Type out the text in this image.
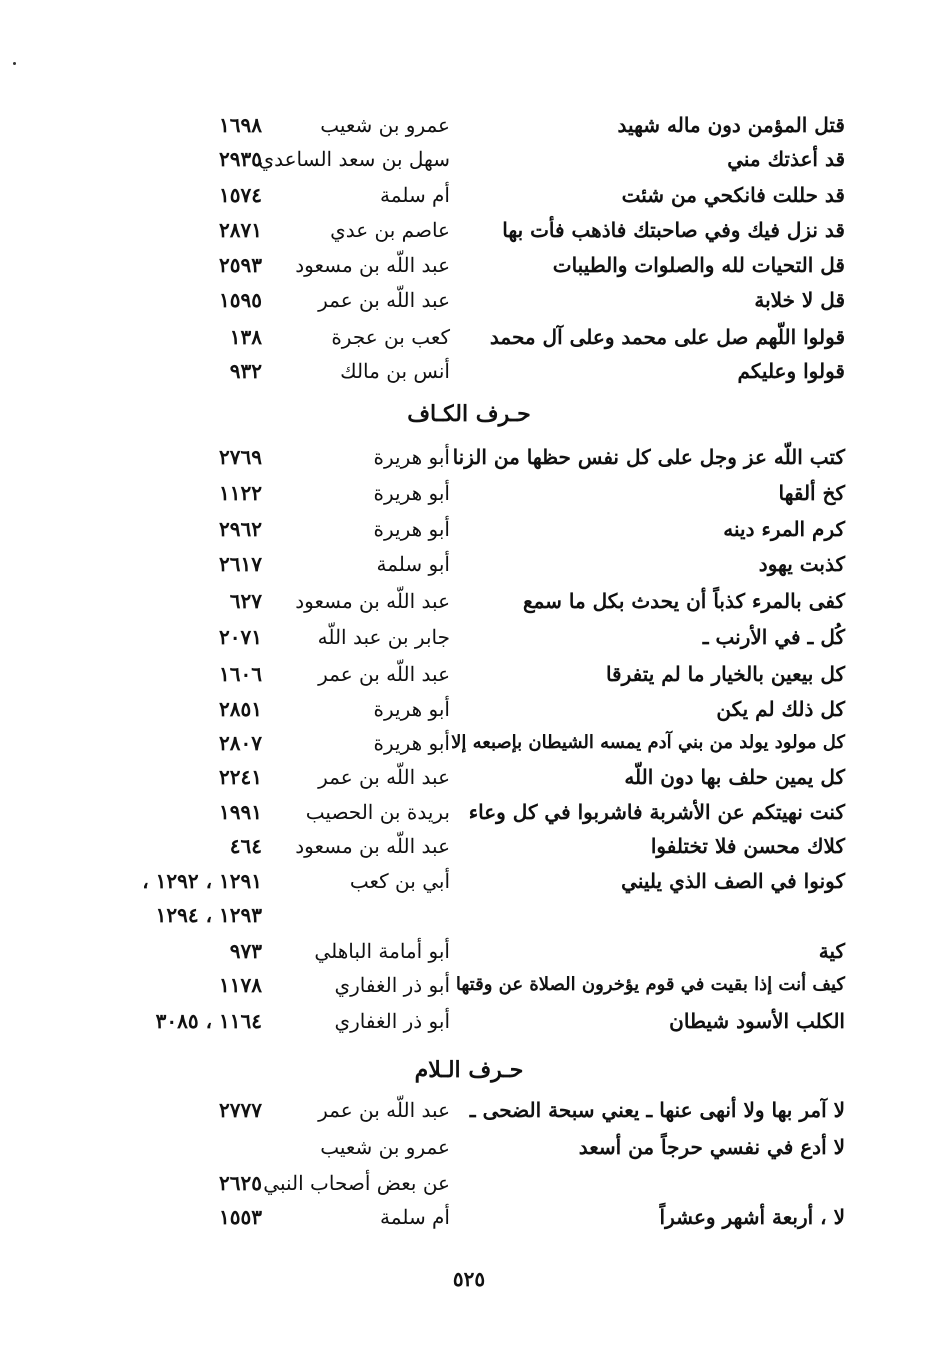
قتل المؤمن دون ماله شهيد
عمرو بن شعيب
١٦٩٨
قد أعذتك مني
سهل بن سعد الساعدي
٢٩٣٥
قد حللت فانكحي من شئت
أم سلمة
١٥٧٤
قد نزل فيك وفي صاحبتك فاذهب فأت بها
عاصم بن عدي
٢٨٧١
قل التحيات لله والصلوات والطيبات
عبد اللّه بن مسعود
٢٥٩٣
قل لا خلابة
عبد اللّه بن عمر
١٥٩٥
قولوا اللّهم صل على محمد وعلى آل محمد
كعب بن عجرة
١٣٨
قولوا وعليكم
أنس بن مالك
٩٣٢
كتب اللّه عز وجل على كل نفس حظها من الزنا
أبو هريرة
٢٧٦٩
كخ ألقها
أبو هريرة
١١٢٢
كرم المرء دينه
أبو هريرة
٢٩٦٢
كذبت يهود
أبو سلمة
٢٦١٧
كفى بالمرء كذباً أن يحدث بكل ما سمع
عبد اللّه بن مسعود
٦٢٧
كُل ـ في الأرنب ـ
جابر بن عبد اللّه
٢٠٧١
كل بيعين بالخيار ما لم يتفرقا
عبد اللّه بن عمر
١٦٠٦
كل ذلك لم يكن
أبو هريرة
٢٨٥١
كل مولود يولد من بني آدم يمسه الشيطان بإصبعه إلا
أبو هريرة
٢٨٠٧
كل يمين حلف بها دون اللّه
عبد اللّه بن عمر
٢٢٤١
كنت نهيتكم عن الأشربة فاشربوا في كل وعاء
بريدة بن الحصيب
١٩٩١
كلاك محسن فلا تختلفوا
عبد اللّه بن مسعود
٤٦٤
كونوا في الصف الذي يليني
أبي بن كعب
١٢٩١ ، ١٢٩٢ ،
١٢٩٣ ، ١٢٩٤
كية
أبو أمامة الباهلي
٩٧٣
كيف أنت إذا بقيت في قوم يؤخرون الصلاة عن وقتها
أبو ذر الغفاري
١١٧٨
الكلب الأسود شيطان
أبو ذر الغفاري
١١٦٤ ، ٣٠٨٥
لا آمر بها ولا أنهى عنها ـ يعني سبحة الضحى ـ
عبد اللّه بن عمر
٢٧٧٧
لا أدع في نفسي حرجاً من أسعد
عمرو بن شعيب
عن بعض أصحاب النبي
٢٦٢٥
لا ، أربعة أشهر وعشراً
أم سلمة
١٥٥٣
حـرف الكـاف
حـرف الـلام
٥٢٥
